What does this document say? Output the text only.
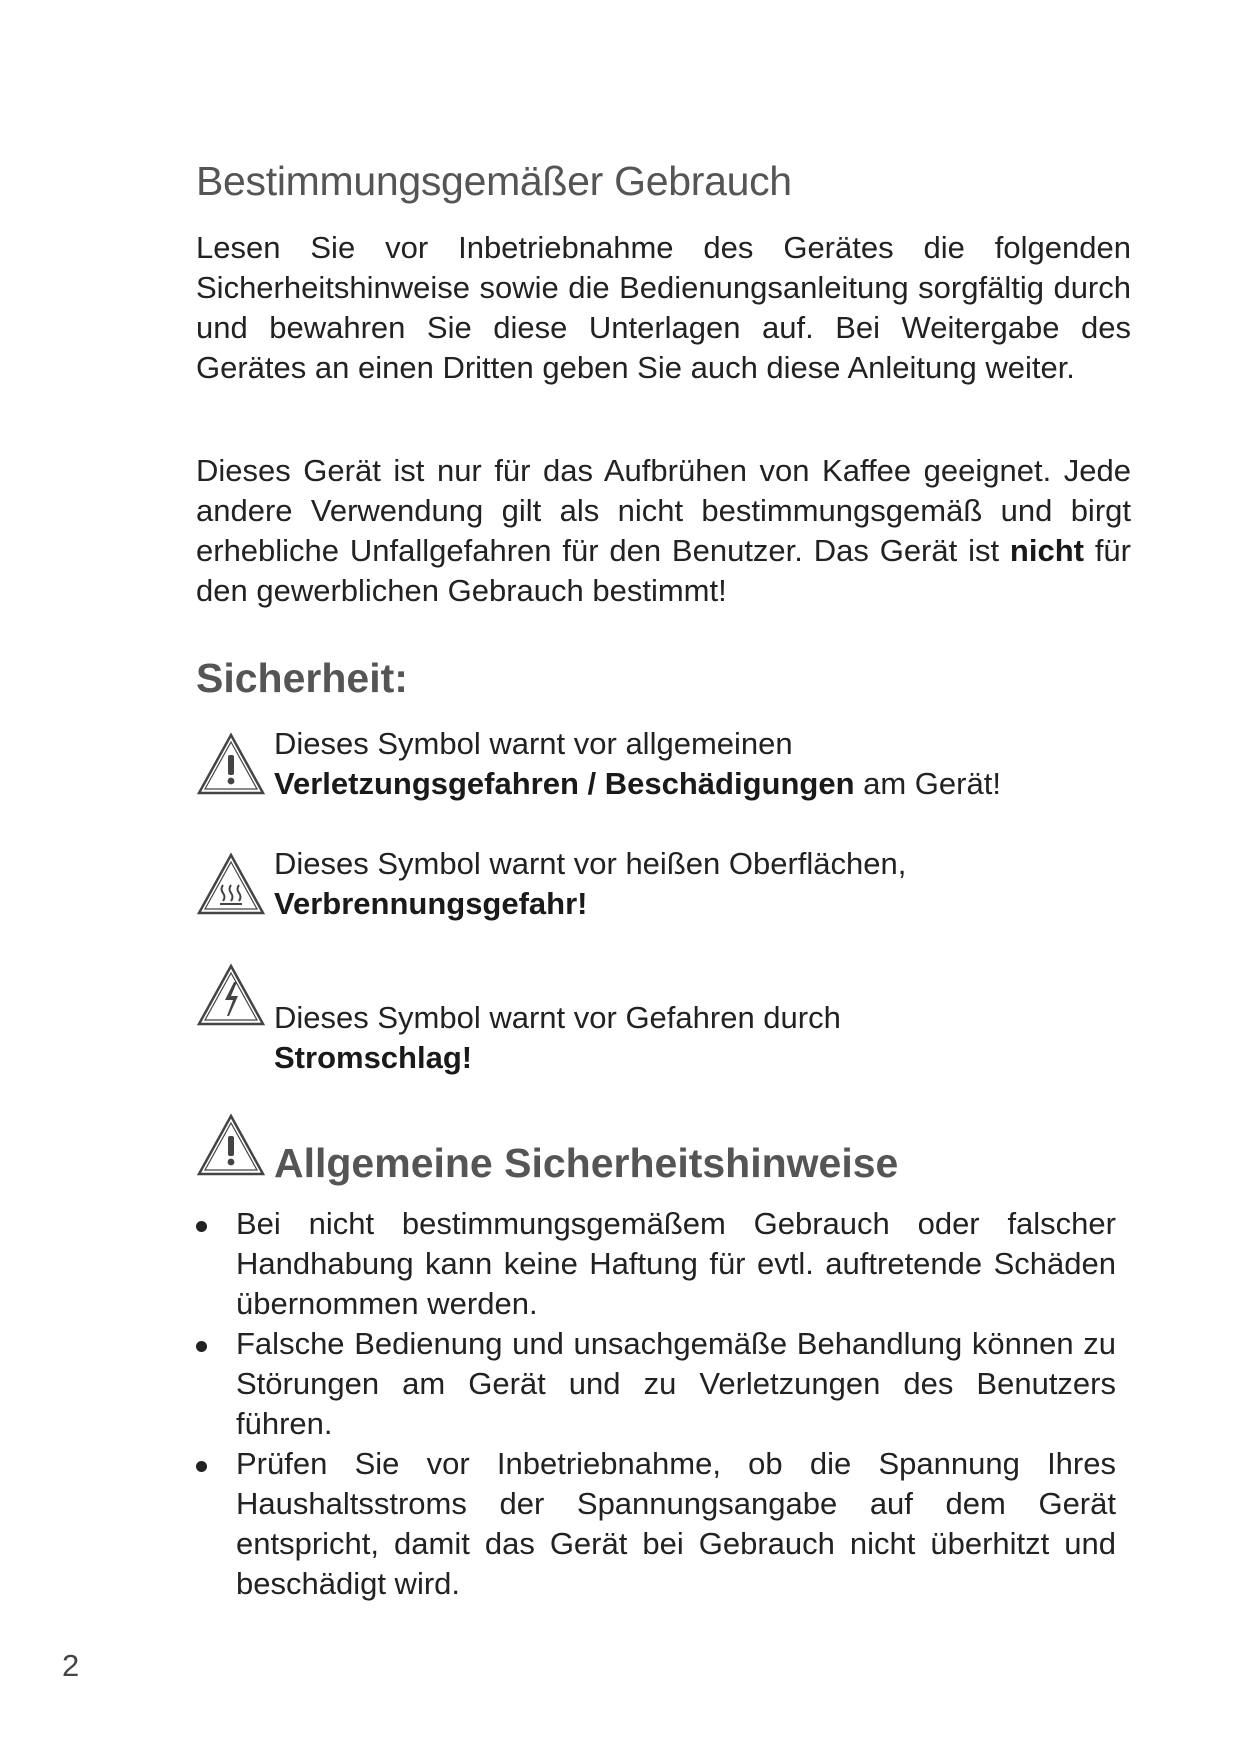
Bestimmungsgemäßer Gebrauch

Lesen Sie vor Inbetriebnahme des Gerätes die folgenden Sicherheitshinweise sowie die Bedienungsanleitung sorgfältig durch und bewahren Sie diese Unterlagen auf. Bei Weitergabe des Gerätes an einen Dritten geben Sie auch diese Anleitung weiter.

Dieses Gerät ist nur für das Aufbrühen von Kaffee geeignet. Jede andere Verwendung gilt als nicht bestimmungsgemäß und birgt erhebliche Unfallgefahren für den Benutzer. Das Gerät ist nicht für den gewerblichen Gebrauch bestimmt!

Sicherheit:

Dieses Symbol warnt vor allgemeinen Verletzungsgefahren / Beschädigungen am Gerät!

Dieses Symbol warnt vor heißen Oberflächen, Verbrennungsgefahr!

Dieses Symbol warnt vor Gefahren durch Stromschlag!

Allgemeine Sicherheitshinweise
Bei nicht bestimmungsgemäßem Gebrauch oder falscher Handhabung kann keine Haftung für evtl. auftretende Schäden übernommen werden.
Falsche Bedienung und unsachgemäße Behandlung können zu Störungen am Gerät und zu Verletzungen des Benutzers führen.
Prüfen Sie vor Inbetriebnahme, ob die Spannung Ihres Haushaltsstroms der Spannungsangabe auf dem Gerät entspricht, damit das Gerät bei Gebrauch nicht überhitzt und beschädigt wird.

2
